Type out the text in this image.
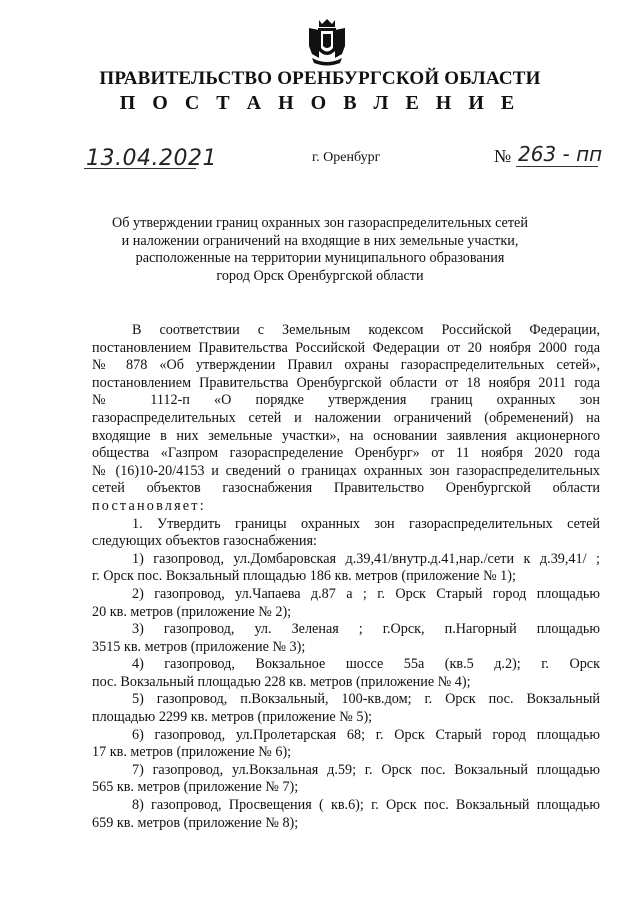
ПРАВИТЕЛЬСТВО ОРЕНБУРГСКОЙ ОБЛАСТИ
П О С Т А Н О В Л Е Н И Е
13.04.2021	г. Оренбург	№ 263 - пп
Об утверждении границ охранных зон газораспределительных сетей
и наложении ограничений на входящие в них земельные участки,
расположенные на территории муниципального образования
город Орск Оренбургской области
В соответствии с Земельным кодексом Российской Федерации,
постановлением Правительства Российской Федерации от 20 ноября 2000 года
№ 878 «Об утверждении Правил охраны газораспределительных сетей»,
постановлением Правительства Оренбургской области от 18 ноября 2011 года
№ 1112-п «О порядке утверждения границ охранных зон
газораспределительных сетей и наложении ограничений (обременений) на
входящие в них земельные участки», на основании заявления акционерного
общества «Газпром газораспределение Оренбург» от 11 ноября 2020 года
№ (16)10-20/4153 и сведений о границах охранных зон газораспределительных
сетей объектов газоснабжения Правительство Оренбургской области
постановляет:
1. Утвердить границы охранных зон газораспределительных сетей
следующих объектов газоснабжения:
1) газопровод, ул.Домбаровская д.39,41/внутр.д.41,нар./сети к д.39,41/ ;
г. Орск пос. Вокзальный площадью 186 кв. метров (приложение № 1);
2) газопровод, ул.Чапаева д.87 а ; г. Орск Старый город площадью
20 кв. метров (приложение № 2);
3) газопровод, ул. Зеленая ; г.Орск, п.Нагорный площадью
3515 кв. метров (приложение № 3);
4) газопровод, Вокзальное шоссе 55а (кв.5 д.2); г. Орск
пос. Вокзальный площадью 228 кв. метров (приложение № 4);
5) газопровод, п.Вокзальный, 100-кв.дом; г. Орск пос. Вокзальный
площадью 2299 кв. метров (приложение № 5);
6) газопровод, ул.Пролетарская 68; г. Орск Старый город площадью
17 кв. метров (приложение № 6);
7) газопровод, ул.Вокзальная д.59; г. Орск пос. Вокзальный площадью
565 кв. метров (приложение № 7);
8) газопровод, Просвещения ( кв.6); г. Орск пос. Вокзальный площадью
659 кв. метров (приложение № 8);
